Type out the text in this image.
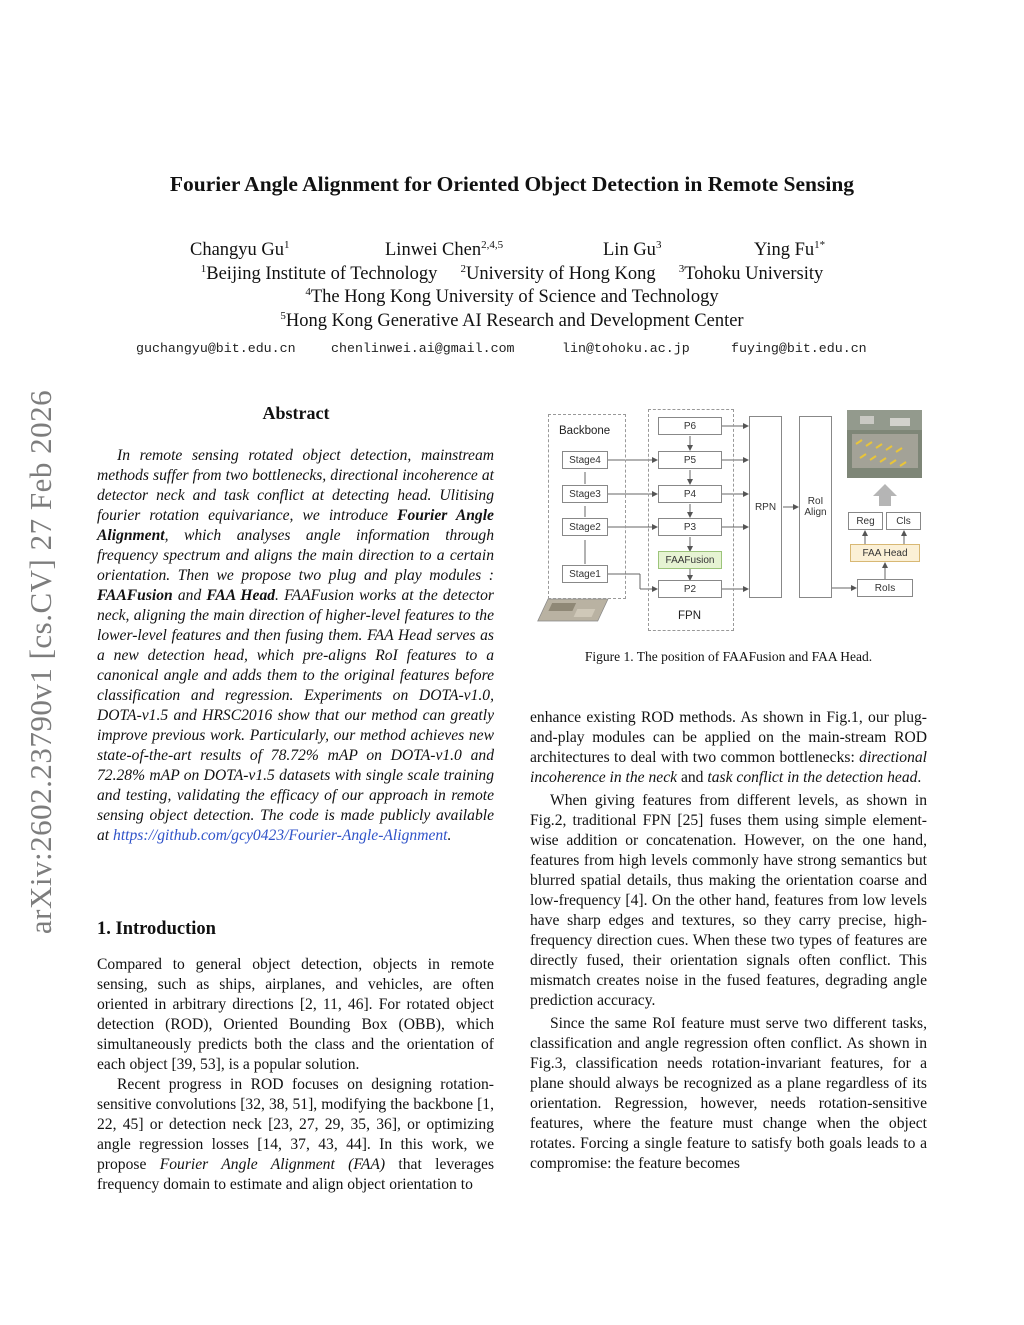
arXiv:2602.23790v1 [cs.CV] 27 Feb 2026
Fourier Angle Alignment for Oriented Object Detection in Remote Sensing
Changyu Gu$^1$	Linwei Chen$^{2,4,5}$	Lin Gu$^3$	Ying $Fu^{1*}$
$^1$Beijing Institute of Technology $^2$University of Hong Kong $^3$Tohoku University
$^4$The Hong Kong University of Science and Technology
$^5$Hong Kong Generative AI Research and Development Center
guchangyu@bit.edu.cn	chenlinwei.ai@gmail.com	lin@tohoku.ac.jp	fuying@bit.edu.cn
Abstract

In remote sensing rotated object detection, mainstream methods suffer from two bottlenecks, directional incoherence at detector neck and task conflict at detecting head. Ulitising fourier rotation equivariance, we introduce Fourier Angle Alignment, which analyses angle information through frequency spectrum and aligns the main direction to a certain orientation. Then we propose two plug and play modules : FAAFusion and FAA Head. FAAFusion works at the detector neck, aligning the main direction of higher-level features to the lower-level features and then fusing them. FAA Head serves as a new detection head, which pre-aligns RoI features to a canonical angle and adds them to the original features before classification and regression. Experiments on DOTA-v1.0, DOTA-v1.5 and HRSC2016 show that our method can greatly improve previous work. Particularly, our method achieves new state-of-the-art results of 78.72% mAP on DOTA-v1.0 and 72.28% mAP on DOTA-v1.5 datasets with single scale training and testing, validating the efficacy of our approach in remote sensing object detection. The code is made publicly available at https://github.com/gcy0423/Fourier-Angle-Alignment.

1. Introduction

Compared to general object detection, objects in remote sensing, such as ships, airplanes, and vehicles, are often oriented in arbitrary directions [2, 11, 46]. For rotated object detection (ROD), Oriented Bounding Box (OBB), which simultaneously predicts both the class and the orientation of each object [39, 53], is a popular solution.

Recent progress in ROD focuses on designing rotation-sensitive convolutions [32, 38, 51], modifying the backbone [1, 22, 45] or detection neck [23, 27, 29, 35, 36], or optimizing angle regression losses [14, 37, 43, 44]. In this work, we propose Fourier Angle Alignment (FAA) that leverages frequency domain to estimate and align object orientation to

Backbone
Stage4
Stage3
Stage2
Stage1
P6
P5
P4
P3
FAAFusion
P2
FPN
RPN	RoI Align
Reg	Cls
FAA Head
RoIs
Figure 1. The position of FAAFusion and FAA Head.

enhance existing ROD methods. As shown in Fig.1, our plug-and-play modules can be applied on the main-stream ROD architectures to deal with two common bottlenecks: directional incoherence in the neck and task conflict in the detection head.

When giving features from different levels, as shown in Fig.2, traditional FPN [25] fuses them using simple element-wise addition or concatenation. However, on the one hand, features from high levels commonly have strong semantics but blurred spatial details, thus making the orientation coarse and low-frequency [4]. On the other hand, features from low levels have sharp edges and textures, so they carry precise, high-frequency direction cues. When these two types of features are directly fused, their orientation signals often conflict. This mismatch creates noise in the fused features, degrading angle prediction accuracy.

Since the same RoI feature must serve two different tasks, classification and angle regression often conflict. As shown in Fig.3, classification needs rotation-invariant features, for a plane should always be recognized as a plane regardless of its orientation. Regression, however, needs rotation-sensitive features, where the feature must change when the object rotates. Forcing a single feature to satisfy both goals leads to a compromise: the feature becomes
